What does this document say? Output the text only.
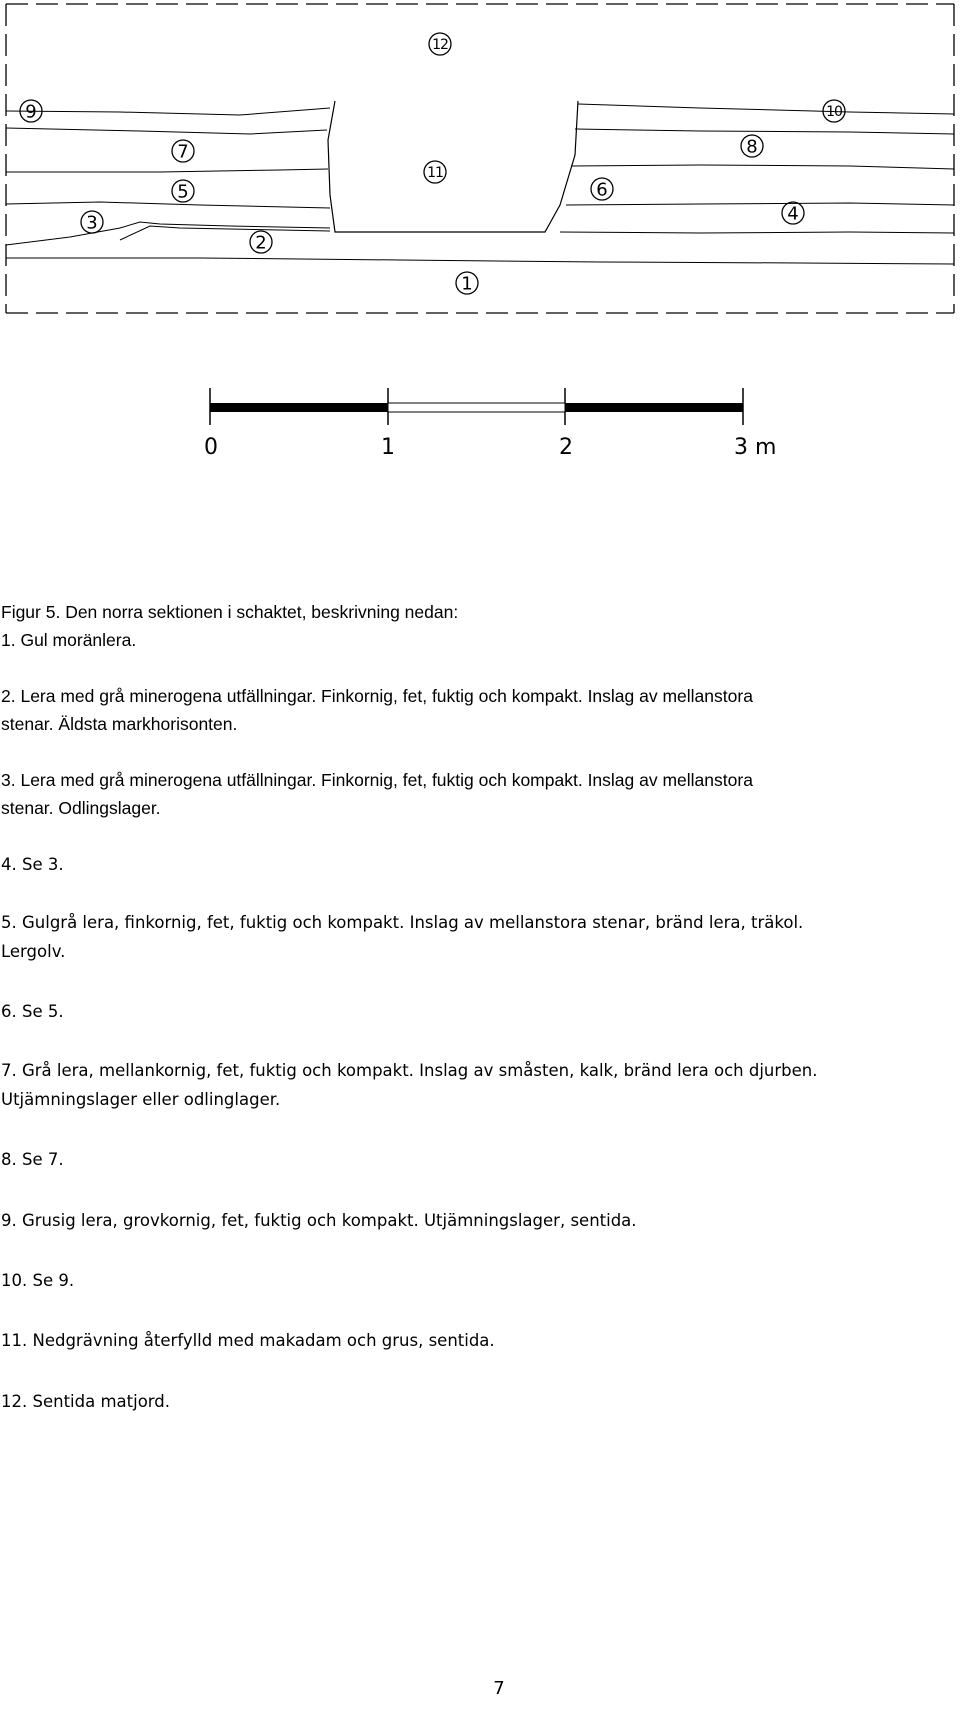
1
2
3	4
5	6
7	8
9	10
11
12
0	1	2	3 m

Figur 5. Den norra sektionen i schaktet, beskrivning nedan:

1. Gul moränlera.

2. Lera med grå minerogena utfällningar. Finkornig, fet, fuktig och kompakt. Inslag av mellanstora

stenar. Äldsta markhorisonten.

3. Lera med grå minerogena utfällningar. Finkornig, fet, fuktig och kompakt. Inslag av mellanstora

stenar. Odlingslager.

4. Se 3.

5. Gulgrå lera, finkornig, fet, fuktig och kompakt. Inslag av mellanstora stenar, bränd lera, träkol.

Lergolv.

6. Se 5.

7. Grå lera, mellankornig, fet, fuktig och kompakt. Inslag av småsten, kalk, bränd lera och djurben.

Utjämningslager eller odlinglager.

8. Se 7.

9. Grusig lera, grovkornig, fet, fuktig och kompakt. Utjämningslager, sentida.

10. Se 9.

11. Nedgrävning återfylld med makadam och grus, sentida.

12. Sentida matjord.

7
